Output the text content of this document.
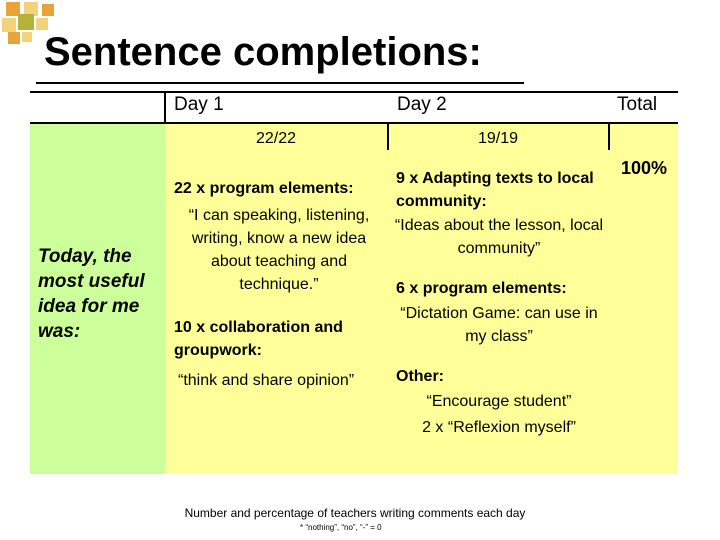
Sentence completions:
Day 1	Day 2	Total
Today, the most useful idea for me was:
22/22
22 x program elements:
“I can speaking, listening, writing, know a new idea about teaching and technique.”
10 x collaboration and groupwork:
“think and share opinion”
19/19
9 x Adapting texts to local community:
“Ideas about the lesson, local community”
6 x program elements:
“Dictation Game: can use in my class”
Other:
“Encourage student”
2 x “Reflexion myself”
100%
Number and percentage of teachers writing comments each day
* “nothing”, “no”, “-” = 0
